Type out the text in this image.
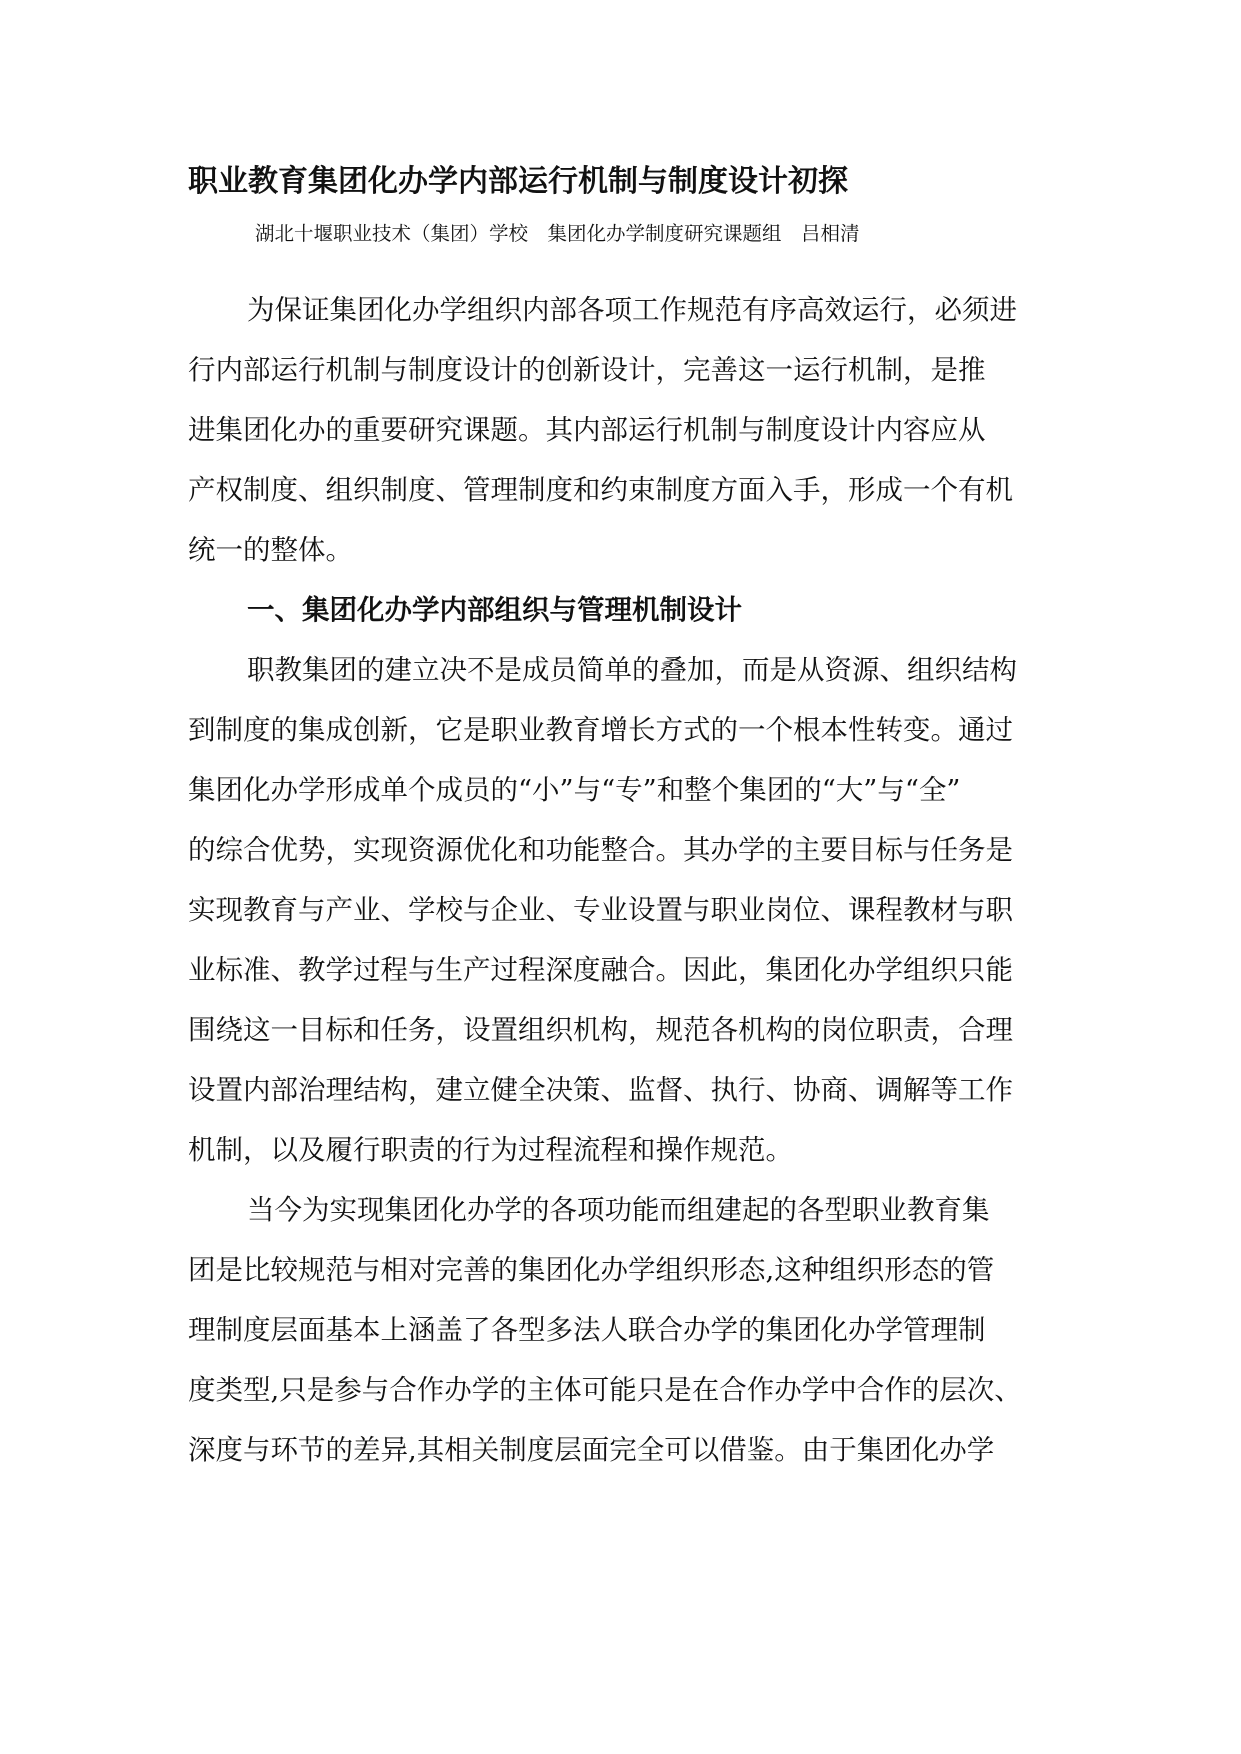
职业教育集团化办学内部运行机制与制度设计初探
湖北十堰职业技术（集团）学校　集团化办学制度研究课题组　吕相清
为保证集团化办学组织内部各项工作规范有序高效运行，必须进
行内部运行机制与制度设计的创新设计，完善这一运行机制，是推
进集团化办的重要研究课题。其内部运行机制与制度设计内容应从
产权制度、组织制度、管理制度和约束制度方面入手，形成一个有机
统一的整体。
一、集团化办学内部组织与管理机制设计
职教集团的建立决不是成员简单的叠加，而是从资源、组织结构
到制度的集成创新，它是职业教育增长方式的一个根本性转变。通过
集团化办学形成单个成员的“小”与“专”和整个集团的“大”与“全”
的综合优势，实现资源优化和功能整合。其办学的主要目标与任务是
实现教育与产业、学校与企业、专业设置与职业岗位、课程教材与职
业标准、教学过程与生产过程深度融合。因此，集团化办学组织只能
围绕这一目标和任务，设置组织机构，规范各机构的岗位职责，合理
设置内部治理结构，建立健全决策、监督、执行、协商、调解等工作
机制，以及履行职责的行为过程流程和操作规范。
当今为实现集团化办学的各项功能而组建起的各型职业教育集
团是比较规范与相对完善的集团化办学组织形态,这种组织形态的管
理制度层面基本上涵盖了各型多法人联合办学的集团化办学管理制
度类型,只是参与合作办学的主体可能只是在合作办学中合作的层次、
深度与环节的差异,其相关制度层面完全可以借鉴。由于集团化办学
